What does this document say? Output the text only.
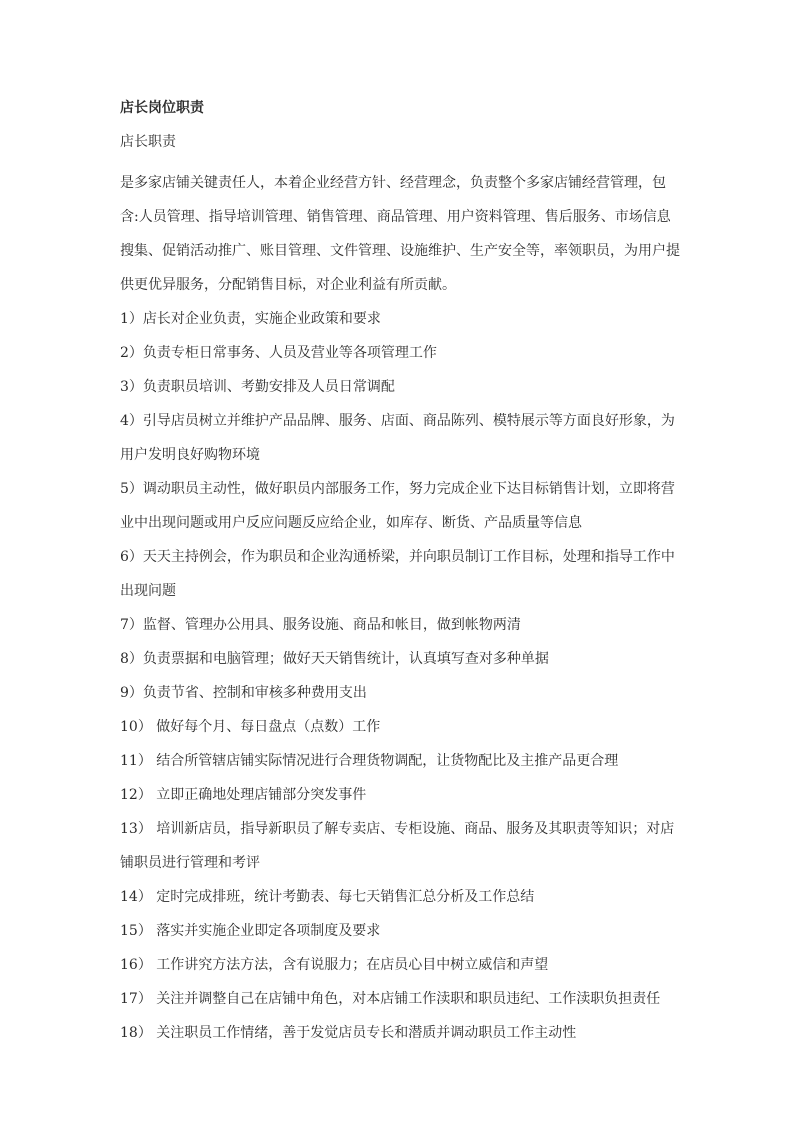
店长岗位职责

店长职责

是多家店铺关键责任人，本着企业经营方针、经营理念，负责整个多家店铺经营管理，包含:人员管理、指导培训管理、销售管理、商品管理、用户资料管理、售后服务、市场信息搜集、促销活动推广、账目管理、文件管理、设施维护、生产安全等，率领职员，为用户提供更优异服务，分配销售目标，对企业利益有所贡献。

1）店长对企业负责，实施企业政策和要求

2）负责专柜日常事务、人员及营业等各项管理工作

3）负责职员培训、考勤安排及人员日常调配

4）引导店员树立并维护产品品牌、服务、店面、商品陈列、模特展示等方面良好形象，为用户发明良好购物环境

5）调动职员主动性，做好职员内部服务工作，努力完成企业下达目标销售计划，立即将营业中出现问题或用户反应问题反应给企业，如库存、断货、产品质量等信息

6）天天主持例会，作为职员和企业沟通桥梁，并向职员制订工作目标，处理和指导工作中出现问题

7）监督、管理办公用具、服务设施、商品和帐目，做到帐物两清

8）负责票据和电脑管理；做好天天销售统计，认真填写查对多种单据

9）负责节省、控制和审核多种费用支出

10） 做好每个月、每日盘点（点数）工作

11） 结合所管辖店铺实际情况进行合理货物调配，让货物配比及主推产品更合理

12） 立即正确地处理店铺部分突发事件

13） 培训新店员，指导新职员了解专卖店、专柜设施、商品、服务及其职责等知识；对店铺职员进行管理和考评

14） 定时完成排班，统计考勤表、每七天销售汇总分析及工作总结

15） 落实并实施企业即定各项制度及要求

16） 工作讲究方法方法，含有说服力；在店员心目中树立威信和声望

17） 关注并调整自己在店铺中角色，对本店铺工作渎职和职员违纪、工作渎职负担责任

18） 关注职员工作情绪，善于发觉店员专长和潜质并调动职员工作主动性
